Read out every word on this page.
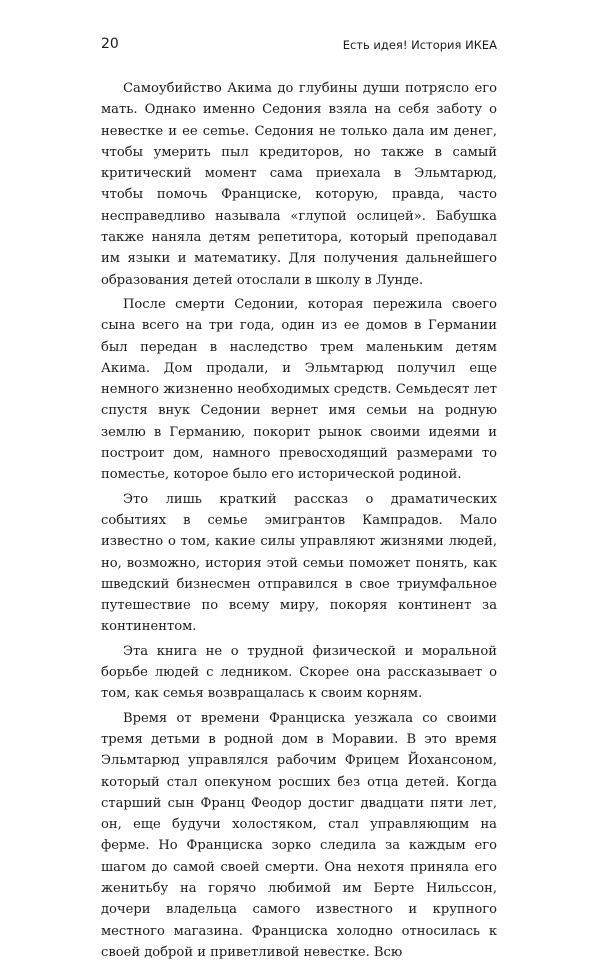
20	Есть идея! История ИКЕА

Самоубийство Акима до глубины души потрясло его мать. Однако именно Седония взяла на себя заботу о невестке и ее сеmье. Седония не только дала им денег, чтобы умерить пыл кредиторов, но также в самый критический момент сама приехала в Эльмтарюд, чтобы помочь Франциске, которую, правда, часто несправедливо называла «глупой ослицей». Бабушка также наняла детям репетитора, который преподавал им языки и математику. Для получения дальнейшего образования детей отослали в школу в Лунде.

После смерти Седонии, которая пережила своего сына всего на три года, один из ее домов в Германии был передан в наследство трем маленьким детям Акима. Дом продали, и Эльмтарюд получил еще немного жизненно необходимых средств. Семьдесят лет спустя внук Седонии вернет имя семьи на родную землю в Германию, покорит рынок своими идеями и построит дом, намного превосходящий размерами то поместье, которое было его исторической родиной.

Это лишь краткий рассказ о драматических событиях в семье эмигрантов Кампрадов. Мало известно о том, какие силы управляют жизнями людей, но, возможно, история этой семьи поможет понять, как шведский бизнесмен отправился в свое триумфальное путешествие по всему миру, покоряя континент за континентом.

Эта книга не о трудной физической и моральной борьбе людей с ледником. Скорее она рассказывает о том, как семья возвращалась к своим корням.

Время от времени Франциска уезжала со своими тремя детьми в родной дом в Моравии. В это время Эльмтарюд управлялся рабочим Фрицем Йохансоном, который стал опекуном росших без отца детей. Когда старший сын Франц Феодор достиг двадцати пяти лет, он, еще будучи холостяком, стал управляющим на ферме. Но Франциска зорко следила за каждым его шагом до самой своей смерти. Она нехотя приняла его женитьбу на горячо любимой им Берте Нильссон, дочери владельца самого известного и крупного местного магазина. Франциска холодно относилась к своей доброй и приветливой невестке. Всю
